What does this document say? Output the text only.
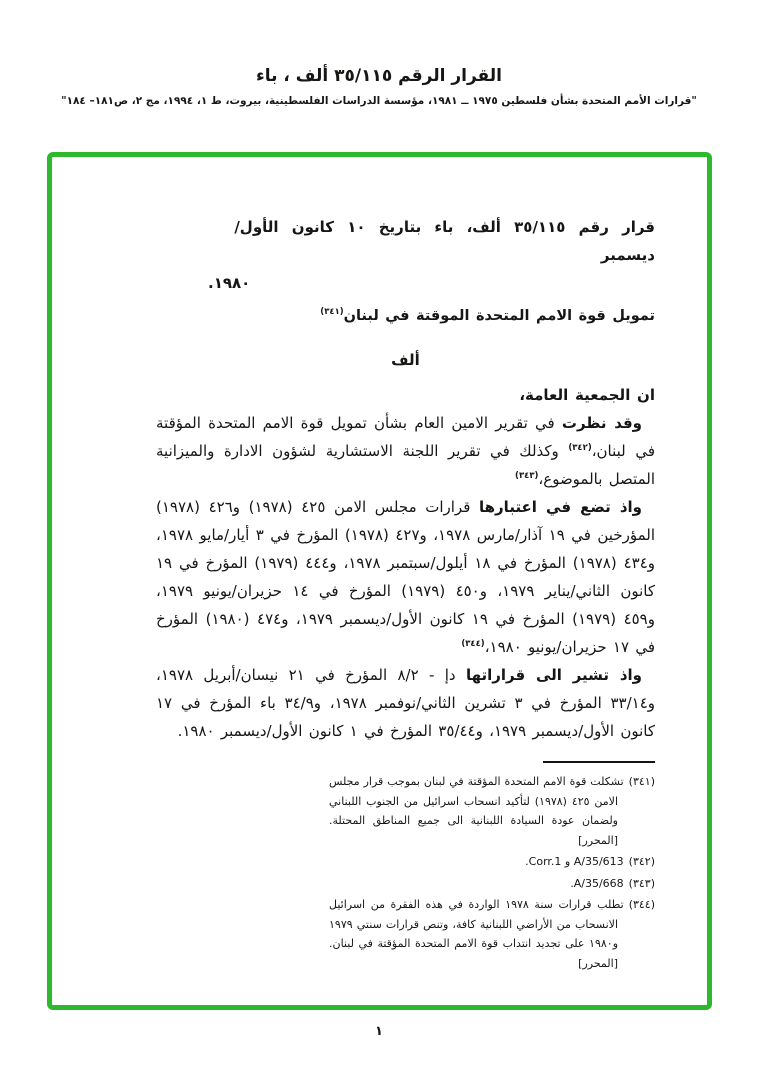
القرار الرقم ٣٥/١١٥ ألف ، باء
"قرارات الأمم المتحدة بشأن فلسطين ١٩٧٥ ــ ١٩٨١، مؤسسة الدراسات الفلسطينية، بيروت، ط ١، ١٩٩٤، مج ٢، ص١٨١– ١٨٤"
قرار رقم ٣٥/١١٥ ألف، باء بتاريخ ١٠ كانون الأول/ديسمبر
١٩٨٠.
تمويل قوة الامم المتحدة الموقتة في لبنان$^{(٣٤١)}$
ألف

ان الجمعية العامة،

وقد نظرت في تقرير الامين العام بشأن تمويل قوة الامم المتحدة المؤقتة في لبنان،$^{(٣٤٢)}$ وكذلك في تقرير اللجنة الاستشارية لشؤون الادارة والميزانية المتصل بالموضوع،$^{(٣٤٣)}$

واذ تضع في اعتبارها قرارات مجلس الامن ٤٢٥ (١٩٧٨) و٤٢٦ (١٩٧٨) المؤرخين في ١٩ آذار/مارس ١٩٧٨، و٤٢٧ (١٩٧٨) المؤرخ في ٣ أيار/مايو ١٩٧٨، و٤٣٤ (١٩٧٨) المؤرخ في ١٨ أيلول/سبتمبر ١٩٧٨، و٤٤٤ (١٩٧٩) المؤرخ في ١٩ كانون الثاني/يناير ١٩٧٩، و٤٥٠ (١٩٧٩) المؤرخ في ١٤ حزيران/يونيو ١٩٧٩، و٤٥٩ (١٩٧٩) المؤرخ في ١٩ كانون الأول/ديسمبر ١٩٧٩، و٤٧٤ (١٩٨٠) المؤرخ في ١٧ حزيران/يونيو ١٩٨٠،$^{(٣٤٤)}$

واذ تشير الى قراراتها دإ - ٨/٢ المؤرخ في ٢١ نيسان/أبريل ١٩٧٨، و٣٣/١٤ المؤرخ في ٣ تشرين الثاني/نوفمبر ١٩٧٨، و٣٤/٩ باء المؤرخ في ١٧ كانون الأول/ديسمبر ١٩٧٩، و٣٥/٤٤ المؤرخ في ١ كانون الأول/ديسمبر ١٩٨٠.

(٣٤١)تشكلت قوة الامم المتحدة المؤقتة في لبنان بموجب قرار مجلس الامن ٤٢٥ (١٩٧٨) لتأكيد انسحاب اسرائيل من الجنوب اللبناني ولضمان عودة السيادة اللبنانية الى جميع المناطق المحتلة. [المحرر]
(٣٤٢)A/35/613 و Corr.1.
(٣٤٣)A/35/668.
(٣٤٤)تطلب قرارات سنة ١٩٧٨ الواردة في هذه الفقرة من اسرائيل الانسحاب من الأراضي اللبنانية كافة، وتنص قرارات سنتي ١٩٧٩ و١٩٨٠ على تجديد انتداب قوة الامم المتحدة المؤقتة في لبنان. [المحرر]
١
